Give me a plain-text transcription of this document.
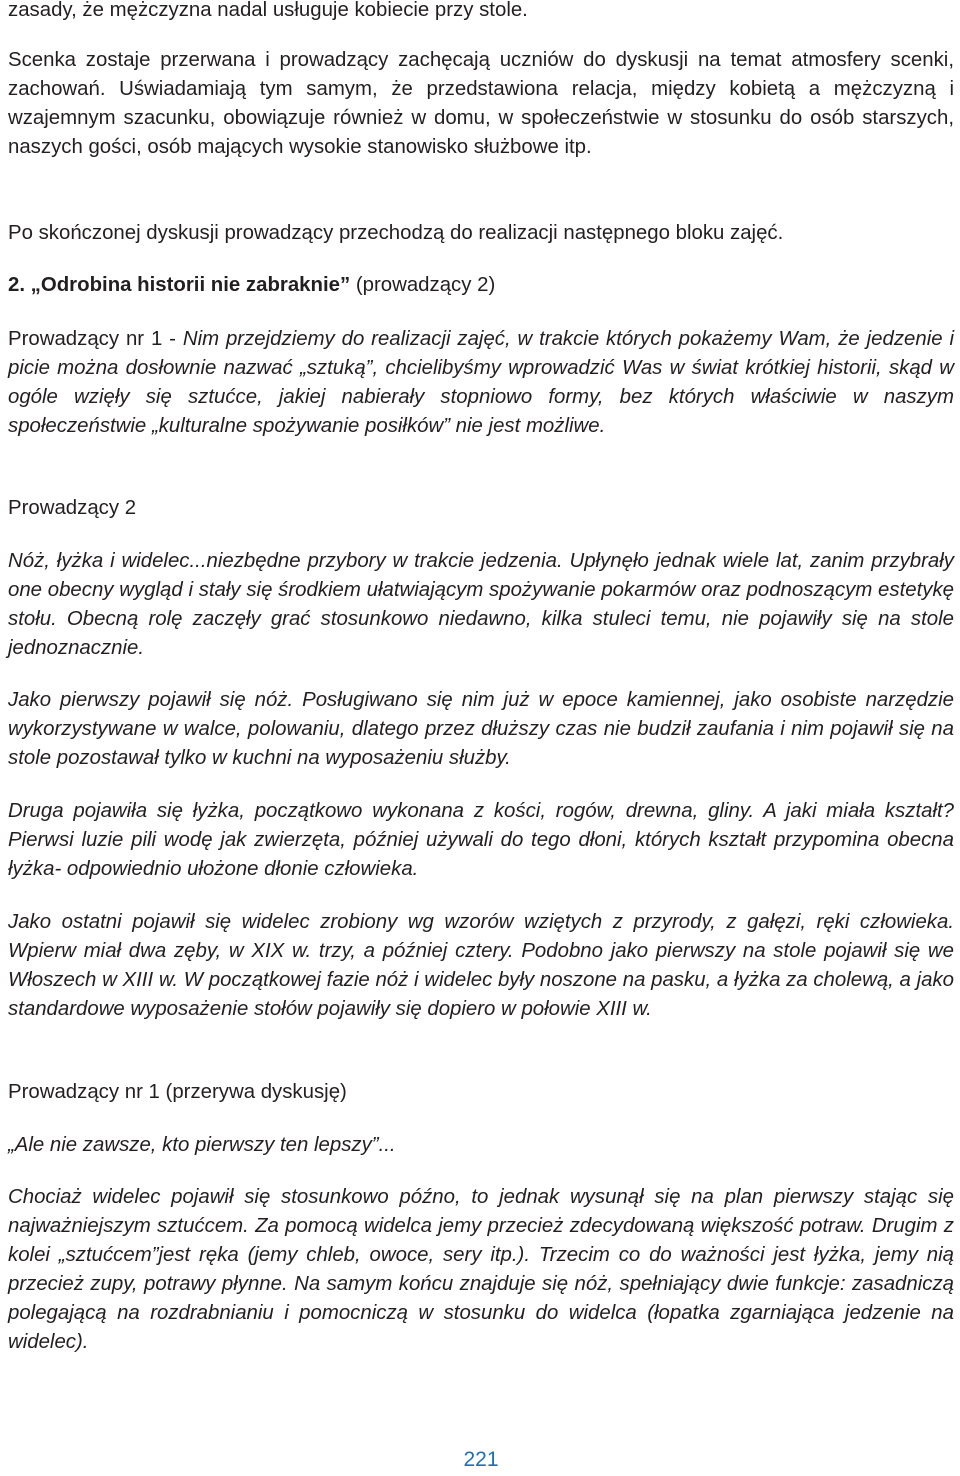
zasady, że mężczyzna nadal usługuje kobiecie przy stole.

Scenka zostaje przerwana i prowadzący zachęcają uczniów do dyskusji na temat atmosfery scenki, zachowań. Uświadamiają tym samym, że przedstawiona relacja, między kobietą a mężczyzną i wzajemnym szacunku, obowiązuje również w domu, w społeczeństwie w stosunku do osób starszych, naszych gości, osób mających wysokie stanowisko służbowe itp.

Po skończonej dyskusji prowadzący przechodzą do realizacji następnego bloku zajęć.

2. „Odrobina historii nie zabraknie” (prowadzący 2)

Prowadzący nr 1 - Nim przejdziemy do realizacji zajęć, w trakcie których pokażemy Wam, że jedzenie i picie można dosłownie nazwać „sztuką”, chcielibyśmy wprowadzić Was w świat krótkiej historii, skąd w ogóle wzięły się sztućce, jakiej nabierały stopniowo formy, bez których właściwie w naszym społeczeństwie „kulturalne spożywanie posiłków” nie jest możliwe.

Prowadzący 2

Nóż, łyżka i widelec...niezbędne przybory w trakcie jedzenia. Upłynęło jednak wiele lat, zanim przybrały one obecny wygląd i stały się środkiem ułatwiającym spożywanie pokarmów oraz podnoszącym estetykę stołu. Obecną rolę zaczęły grać stosunkowo niedawno, kilka stuleci temu, nie pojawiły się na stole jednoznacznie.

Jako pierwszy pojawił się nóż. Posługiwano się nim już w epoce kamiennej, jako osobiste narzędzie wykorzystywane w walce, polowaniu, dlatego przez dłuższy czas nie budził zaufania i nim pojawił się na stole pozostawał tylko w kuchni na wyposażeniu służby.

Druga pojawiła się łyżka, początkowo wykonana z kości, rogów, drewna, gliny. A jaki miała kształt? Pierwsi luzie pili wodę jak zwierzęta, później używali do tego dłoni, których kształt przypomina obecna łyżka- odpowiednio ułożone dłonie człowieka.

Jako ostatni pojawił się widelec zrobiony wg wzorów wziętych z przyrody, z gałęzi, ręki człowieka. Wpierw miał dwa zęby, w XIX w. trzy, a później cztery. Podobno jako pierwszy na stole pojawił się we Włoszech w XIII w. W początkowej fazie nóż i widelec były noszone na pasku, a łyżka za cholewą, a jako standardowe wyposażenie stołów pojawiły się dopiero w połowie XIII w.

Prowadzący nr 1 (przerywa dyskusję)

„Ale nie zawsze, kto pierwszy ten lepszy”...

Chociaż widelec pojawił się stosunkowo późno, to jednak wysunął się na plan pierwszy stając się najważniejszym sztućcem. Za pomocą widelca jemy przecież zdecydowaną większość potraw. Drugim z kolei „sztućcem”jest ręka (jemy chleb, owoce, sery itp.). Trzecim co do ważności jest łyżka, jemy nią przecież zupy, potrawy płynne. Na samym końcu znajduje się nóż, spełniający dwie funkcje: zasadniczą polegającą na rozdrabnianiu i pomocniczą w stosunku do widelca (łopatka zgarniająca jedzenie na widelec).

221
